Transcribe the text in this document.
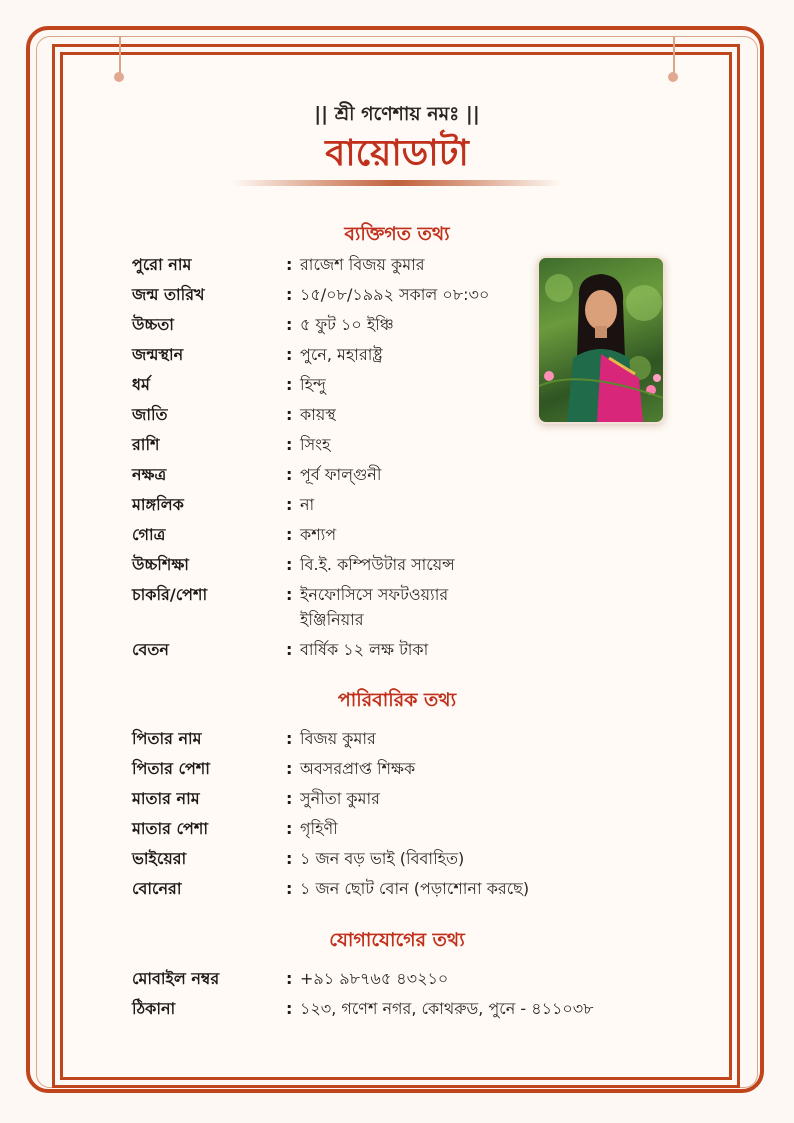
|| শ্রী গণেশায় নমঃ ||
বায়োডাটা
ব্যক্তিগত তথ্য
পুরো নাম	: রাজেশ বিজয় কুমার
জন্ম তারিখ	: ১৫/০৮/১৯৯২ সকাল ০৮:৩০
উচ্চতা	: ৫ ফুট ১০ ইঞ্চি
জন্মস্থান	: পুনে, মহারাষ্ট্র
ধর্ম	: হিন্দু
জাতি	: কায়স্থ
রাশি	: সিংহ
নক্ষত্র	: পূর্ব ফাল্গুনী
মাঙ্গলিক	: না
গোত্র	: কশ্যপ
উচ্চশিক্ষা	: বি.ই. কম্পিউটার সায়েন্স
চাকরি/পেশা	: ইনফোসিসে সফটওয়্যার
ইঞ্জিনিয়ার
বেতন	: বার্ষিক ১২ লক্ষ টাকা
পারিবারিক তথ্য
পিতার নাম	: বিজয় কুমার
পিতার পেশা	: অবসরপ্রাপ্ত শিক্ষক
মাতার নাম	: সুনীতা কুমার
মাতার পেশা	: গৃহিণী
ভাইয়েরা	: ১ জন বড় ভাই (বিবাহিত)
বোনেরা	: ১ জন ছোট বোন (পড়াশোনা করছে)
যোগাযোগের তথ্য
মোবাইল নম্বর	: +৯১ ৯৮৭৬৫ ৪৩২১০
ঠিকানা	: ১২৩, গণেশ নগর, কোথরুড, পুনে - ৪১১০৩৮
